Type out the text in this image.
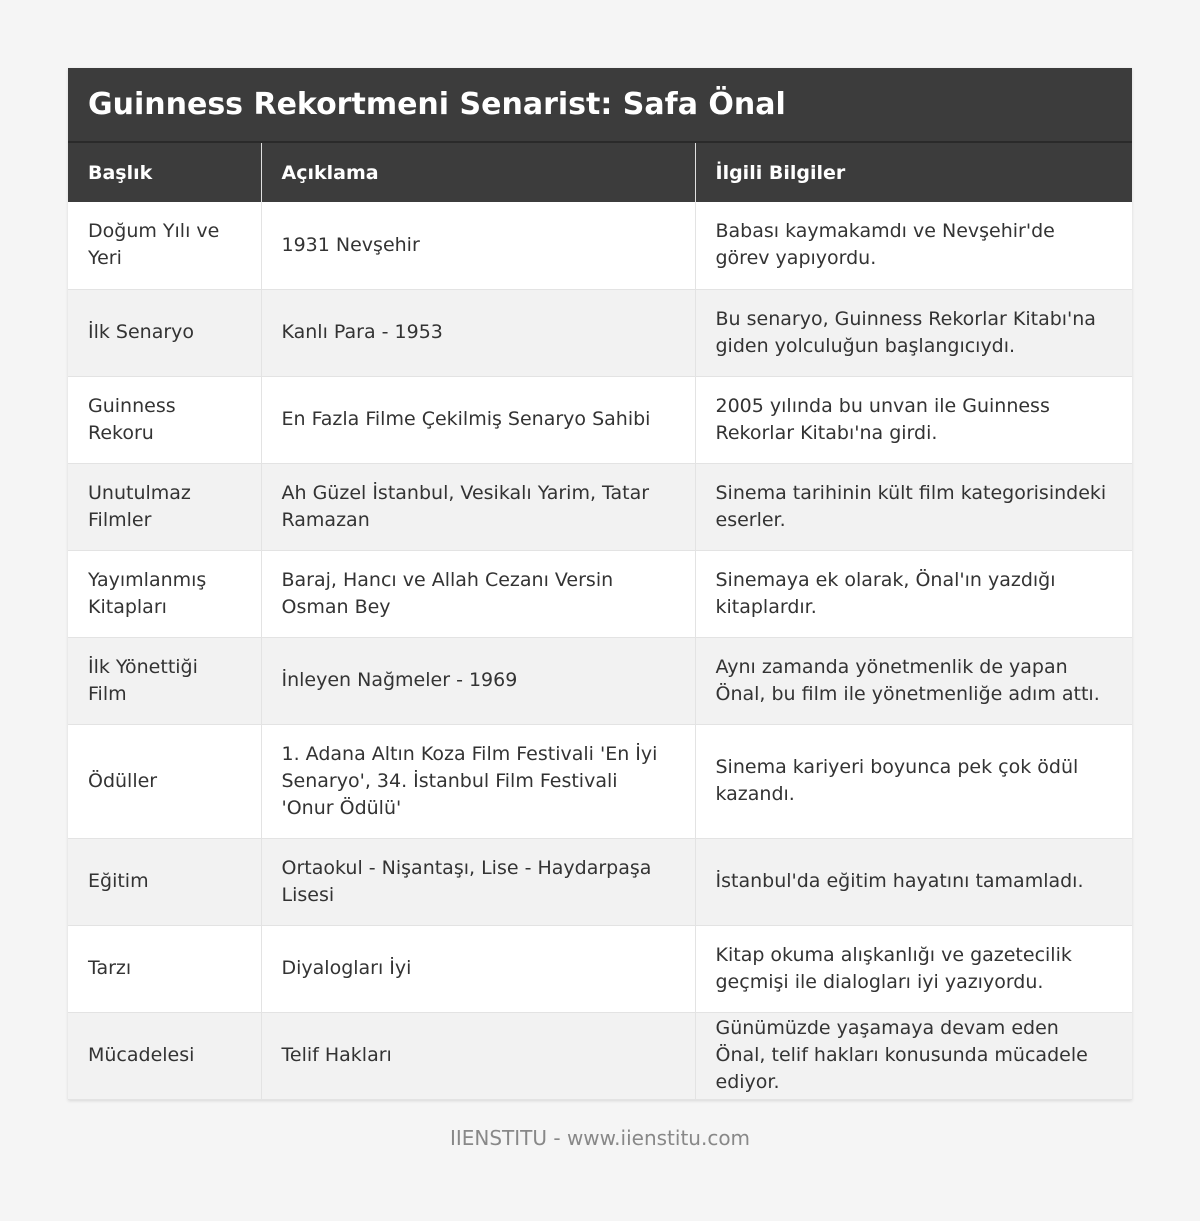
Guinness Rekortmeni Senarist: Safa Önal
Başlık	Açıklama	İlgili Bilgiler
Doğum Yılı ve Yeri	1931 Nevşehir	Babası kaymakamdı ve Nevşehir'de görev yapıyordu.
İlk Senaryo	Kanlı Para - 1953	Bu senaryo, Guinness Rekorlar Kitabı'na giden yolculuğun başlangıcıydı.
Guinness Rekoru	En Fazla Filme Çekilmiş Senaryo Sahibi	2005 yılında bu unvan ile Guinness Rekorlar Kitabı'na girdi.
Unutulmaz Filmler	Ah Güzel İstanbul, Vesikalı Yarim, Tatar Ramazan	Sinema tarihinin kült film kategorisindeki eserler.
Yayımlanmış Kitapları	Baraj, Hancı ve Allah Cezanı Versin Osman Bey	Sinemaya ek olarak, Önal'ın yazdığı kitaplardır.
İlk Yönettiği Film	İnleyen Nağmeler - 1969	Aynı zamanda yönetmenlik de yapan Önal, bu film ile yönetmenliğe adım attı.
Ödüller	1. Adana Altın Koza Film Festivali 'En İyi Senaryo', 34. İstanbul Film Festivali 'Onur Ödülü'	Sinema kariyeri boyunca pek çok ödül kazandı.
Eğitim	Ortaokul - Nişantaşı, Lise - Haydarpaşa Lisesi	İstanbul'da eğitim hayatını tamamladı.
Tarzı	Diyalogları İyi	Kitap okuma alışkanlığı ve gazetecilik geçmişi ile dialogları iyi yazıyordu.
Mücadelesi	Telif Hakları	Günümüzde yaşamaya devam eden Önal, telif hakları konusunda mücadele ediyor.
IIENSTITU - www.iienstitu.com
